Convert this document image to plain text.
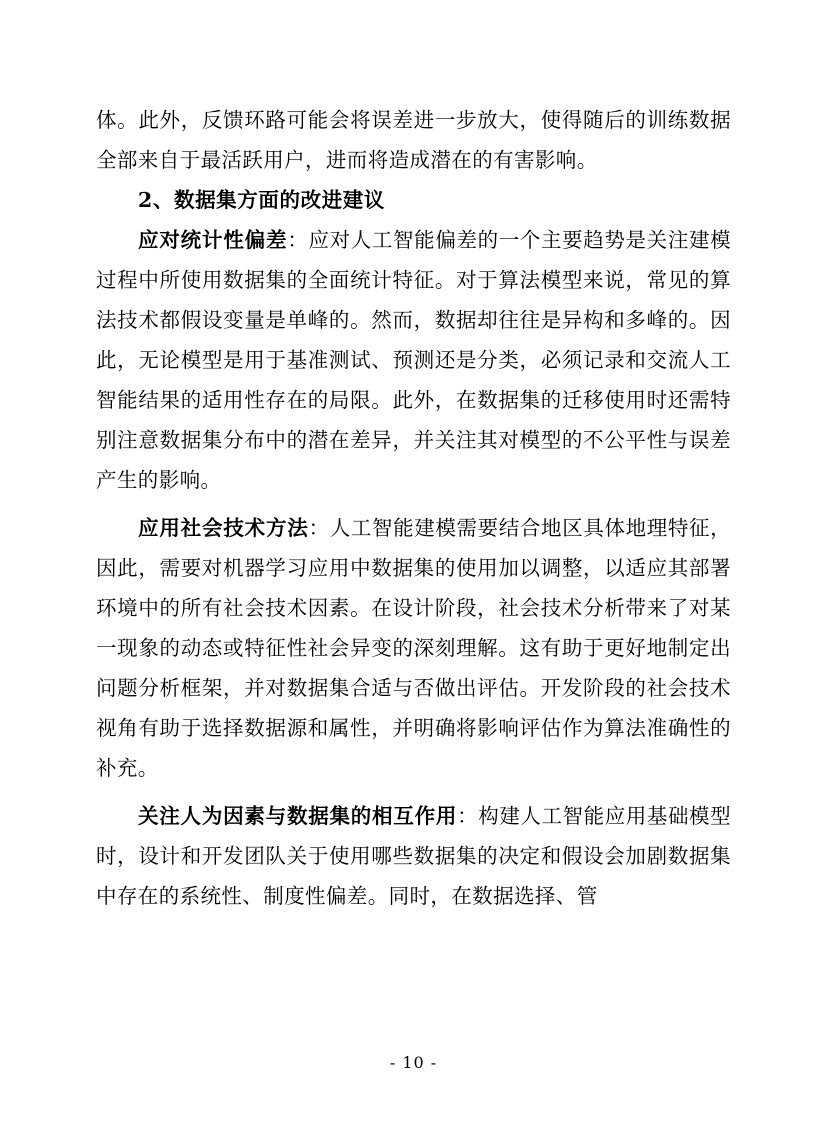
体。此外，反馈环路可能会将误差进一步放大，使得随后的训练数据全部来自于最活跃用户，进而将造成潜在的有害影响。

2、数据集方面的改进建议

应对统计性偏差：应对人工智能偏差的一个主要趋势是关注建模过程中所使用数据集的全面统计特征。对于算法模型来说，常见的算法技术都假设变量是单峰的。然而，数据却往往是异构和多峰的。因此，无论模型是用于基准测试、预测还是分类，必须记录和交流人工智能结果的适用性存在的局限。此外，在数据集的迁移使用时还需特别注意数据集分布中的潜在差异，并关注其对模型的不公平性与误差产生的影响。

应用社会技术方法：人工智能建模需要结合地区具体地理特征，因此，需要对机器学习应用中数据集的使用加以调整，以适应其部署环境中的所有社会技术因素。在设计阶段，社会技术分析带来了对某一现象的动态或特征性社会异变的深刻理解。这有助于更好地制定出问题分析框架，并对数据集合适与否做出评估。开发阶段的社会技术视角有助于选择数据源和属性，并明确将影响评估作为算法准确性的补充。

关注人为因素与数据集的相互作用：构建人工智能应用基础模型时，设计和开发团队关于使用哪些数据集的决定和假设会加剧数据集中存在的系统性、制度性偏差。同时，在数据选择、管

- 10 -
